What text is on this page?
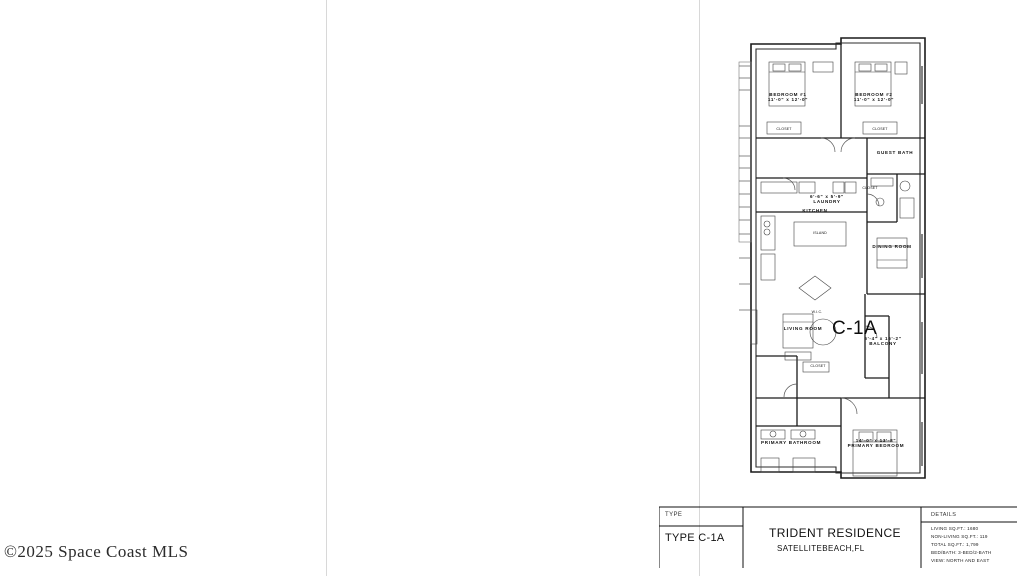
BEDROOM #1
11'-0" x 12'-0"
BEDROOM #2
11'-0" x 12'-0"
GUEST BATH
6'-6" x 5'-9"
LAUNDRY
KITCHEN
DINING ROOM
LIVING ROOM
6'-4" x 16'-2"
BALCONY
PRIMARY BATHROOM	14'-0" x 13'-8"
PRIMARY BEDROOM
CLOSET	CLOSET
CLOSET
CLOSET
ISLAND
W.I.C.
C-1A
TYPE
TYPE C-1A	TRIDENT RESIDENCE
SATELLITEBEACH,FL
DETAILS
LIVING SQ.FT.: 1680
NON-LIVING SQ.FT.: 119
TOTAL SQ.FT.: 1,799
BED/BATH: 3-BED/2-BATH
VIEW: NORTH AND EAST
©2025 Space Coast MLS
